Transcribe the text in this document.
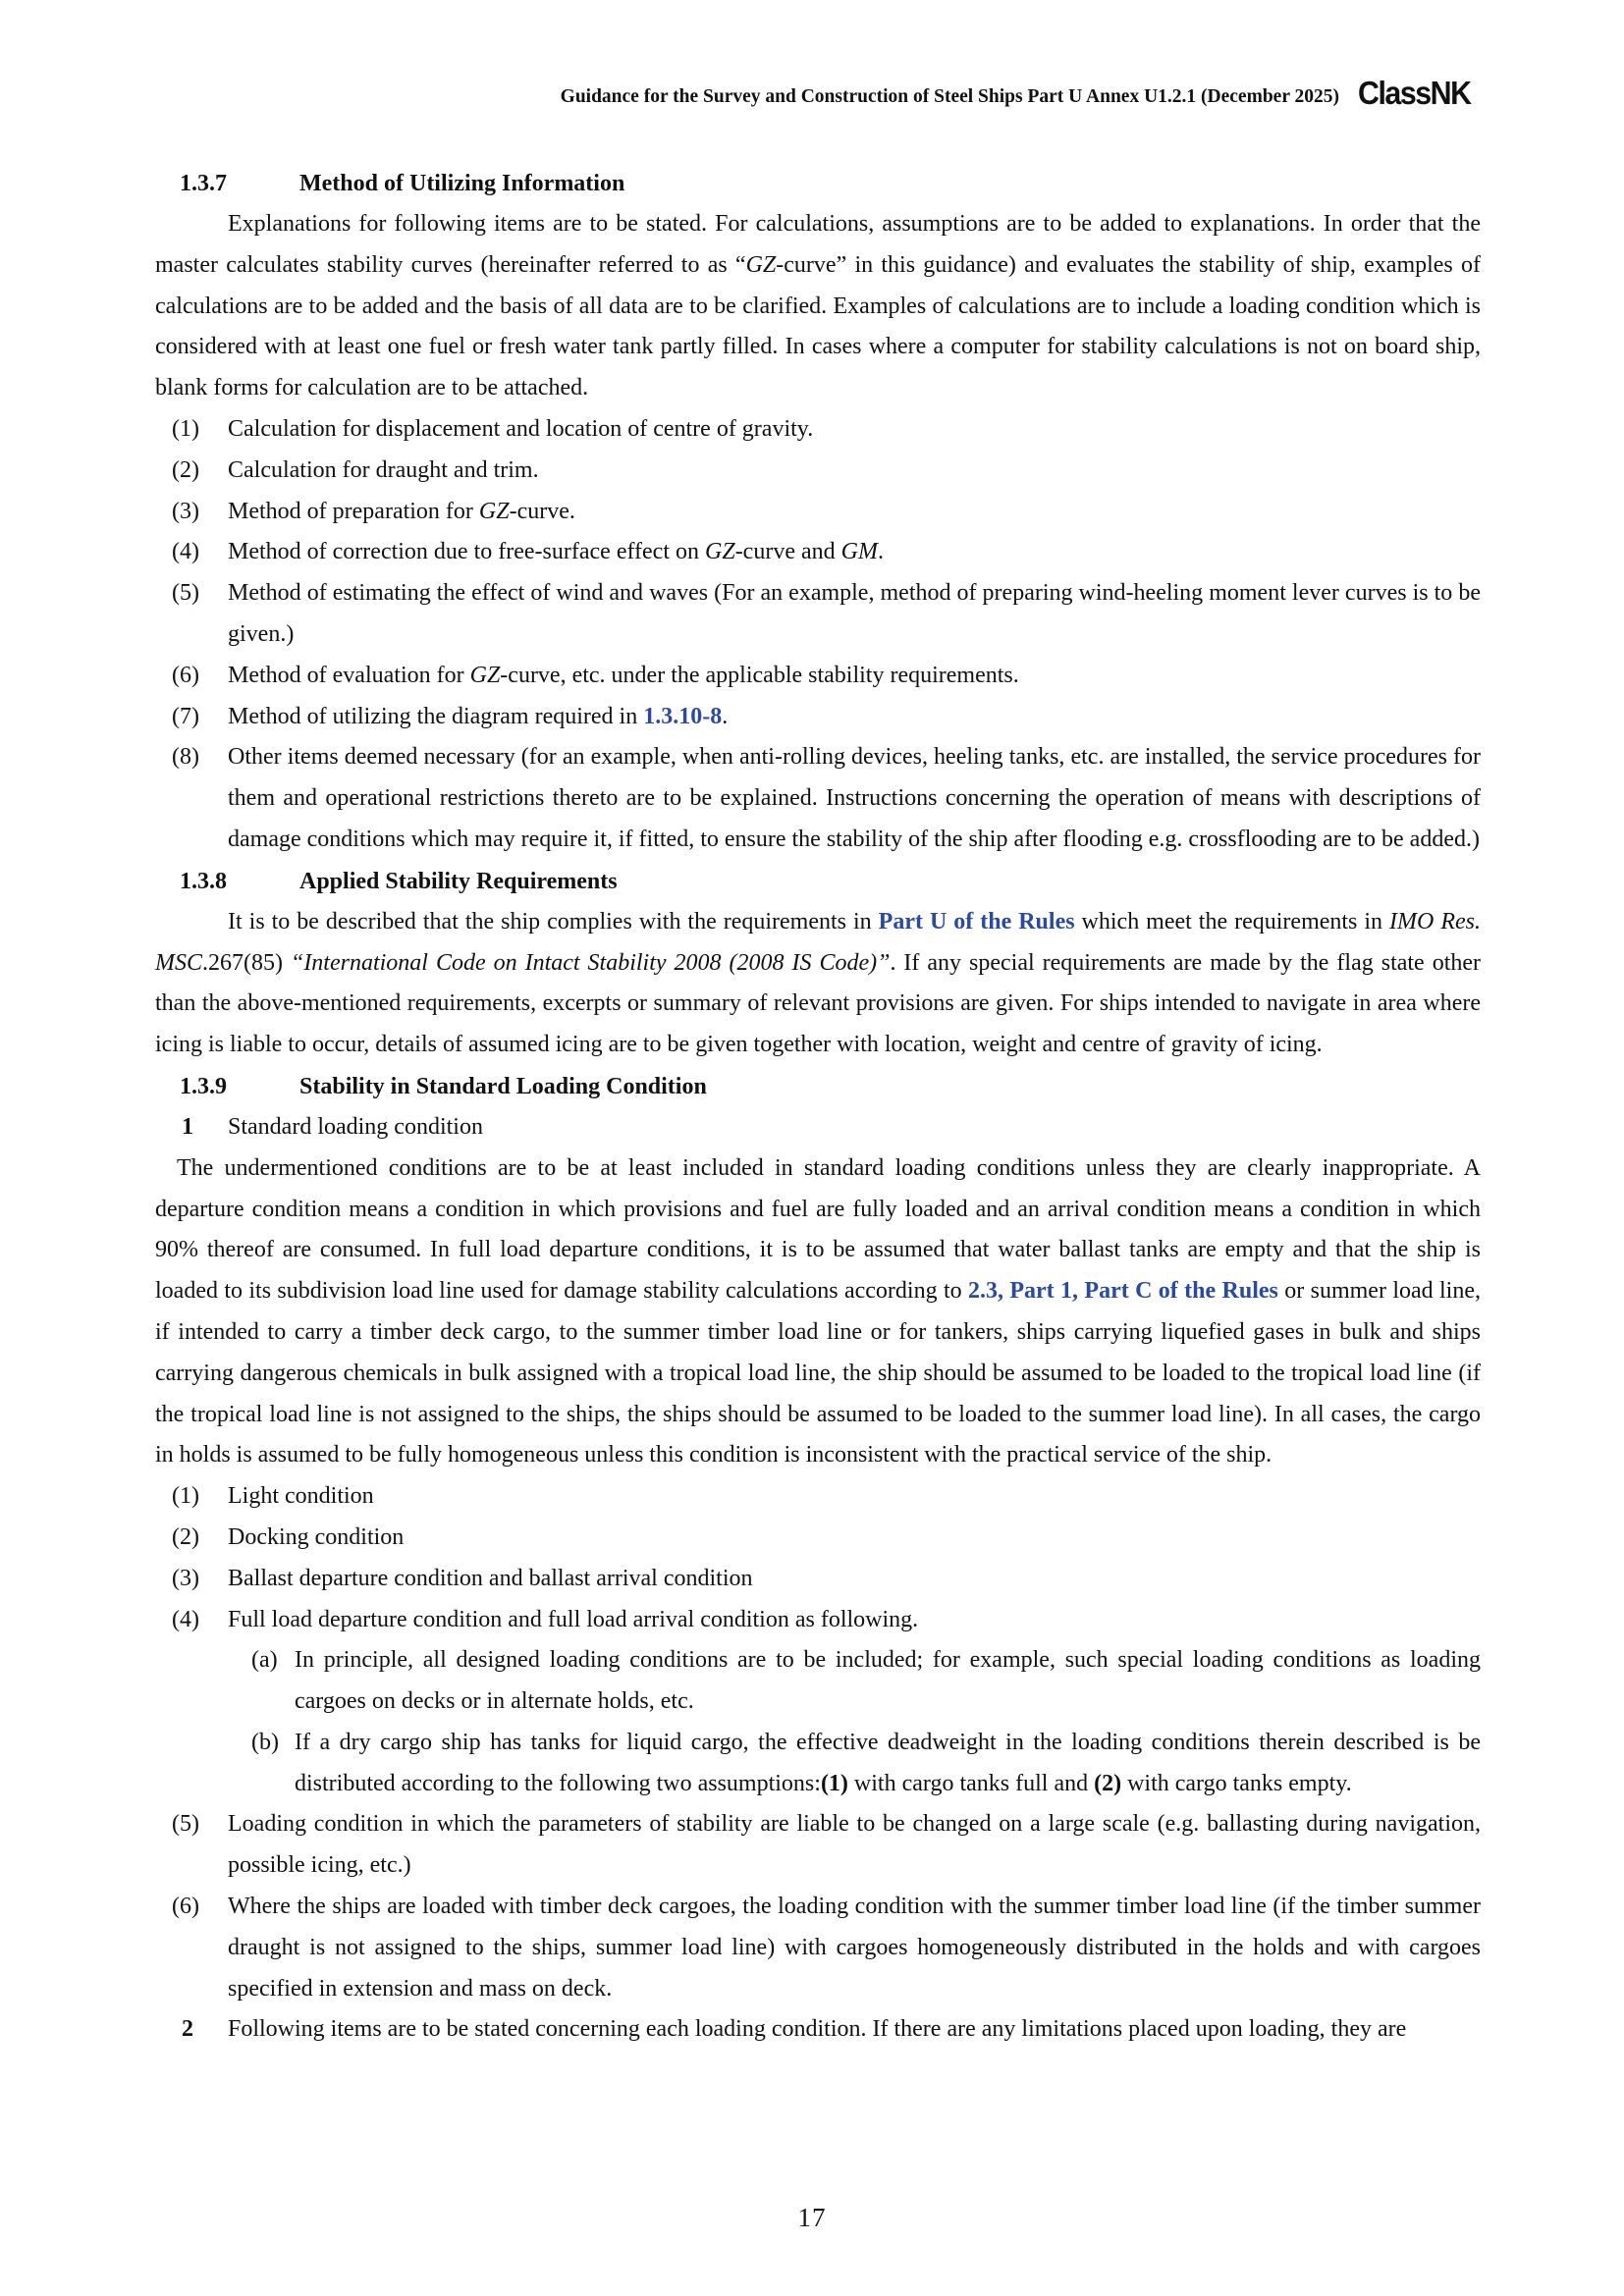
Guidance for the Survey and Construction of Steel Ships Part U Annex U1.2.1 (December 2025) ClassNK
1.3.7	Method of Utilizing Information
Explanations for following items are to be stated. For calculations, assumptions are to be added to explanations. In order that the master calculates stability curves (hereinafter referred to as “GZ-curve” in this guidance) and evaluates the stability of ship, examples of calculations are to be added and the basis of all data are to be clarified. Examples of calculations are to include a loading condition which is considered with at least one fuel or fresh water tank partly filled. In cases where a computer for stability calculations is not on board ship, blank forms for calculation are to be attached.
(1)	Calculation for displacement and location of centre of gravity.
(2)	Calculation for draught and trim.
(3)	Method of preparation for GZ-curve.
(4)	Method of correction due to free-surface effect on GZ-curve and GM.
(5)	Method of estimating the effect of wind and waves (For an example, method of preparing wind-heeling moment lever curves is to be given.)
(6)	Method of evaluation for GZ-curve, etc. under the applicable stability requirements.
(7)	Method of utilizing the diagram required in 1.3.10-8.
(8)	Other items deemed necessary (for an example, when anti-rolling devices, heeling tanks, etc. are installed, the service procedures for them and operational restrictions thereto are to be explained. Instructions concerning the operation of means with descriptions of damage conditions which may require it, if fitted, to ensure the stability of the ship after flooding e.g. crossflooding are to be added.)
1.3.8	Applied Stability Requirements
It is to be described that the ship complies with the requirements in Part U of the Rules which meet the requirements in IMO Res. MSC.267(85) “International Code on Intact Stability 2008 (2008 IS Code)”. If any special requirements are made by the flag state other than the above-mentioned requirements, excerpts or summary of relevant provisions are given. For ships intended to navigate in area where icing is liable to occur, details of assumed icing are to be given together with location, weight and centre of gravity of icing.
1.3.9	Stability in Standard Loading Condition
1	Standard loading condition
The undermentioned conditions are to be at least included in standard loading conditions unless they are clearly inappropriate. A departure condition means a condition in which provisions and fuel are fully loaded and an arrival condition means a condition in which 90% thereof are consumed. In full load departure conditions, it is to be assumed that water ballast tanks are empty and that the ship is loaded to its subdivision load line used for damage stability calculations according to 2.3, Part 1, Part C of the Rules or summer load line, if intended to carry a timber deck cargo, to the summer timber load line or for tankers, ships carrying liquefied gases in bulk and ships carrying dangerous chemicals in bulk assigned with a tropical load line, the ship should be assumed to be loaded to the tropical load line (if the tropical load line is not assigned to the ships, the ships should be assumed to be loaded to the summer load line). In all cases, the cargo in holds is assumed to be fully homogeneous unless this condition is inconsistent with the practical service of the ship.
(1)	Light condition
(2)	Docking condition
(3)	Ballast departure condition and ballast arrival condition
(4)	Full load departure condition and full load arrival condition as following.
(a) In principle, all designed loading conditions are to be included; for example, such special loading conditions as loading cargoes on decks or in alternate holds, etc.
(b) If a dry cargo ship has tanks for liquid cargo, the effective deadweight in the loading conditions therein described is be distributed according to the following two assumptions:(1) with cargo tanks full and (2) with cargo tanks empty.
(5)	Loading condition in which the parameters of stability are liable to be changed on a large scale (e.g. ballasting during navigation, possible icing, etc.)
(6)	Where the ships are loaded with timber deck cargoes, the loading condition with the summer timber load line (if the timber summer draught is not assigned to the ships, summer load line) with cargoes homogeneously distributed in the holds and with cargoes specified in extension and mass on deck.
2	Following items are to be stated concerning each loading condition. If there are any limitations placed upon loading, they are
17
